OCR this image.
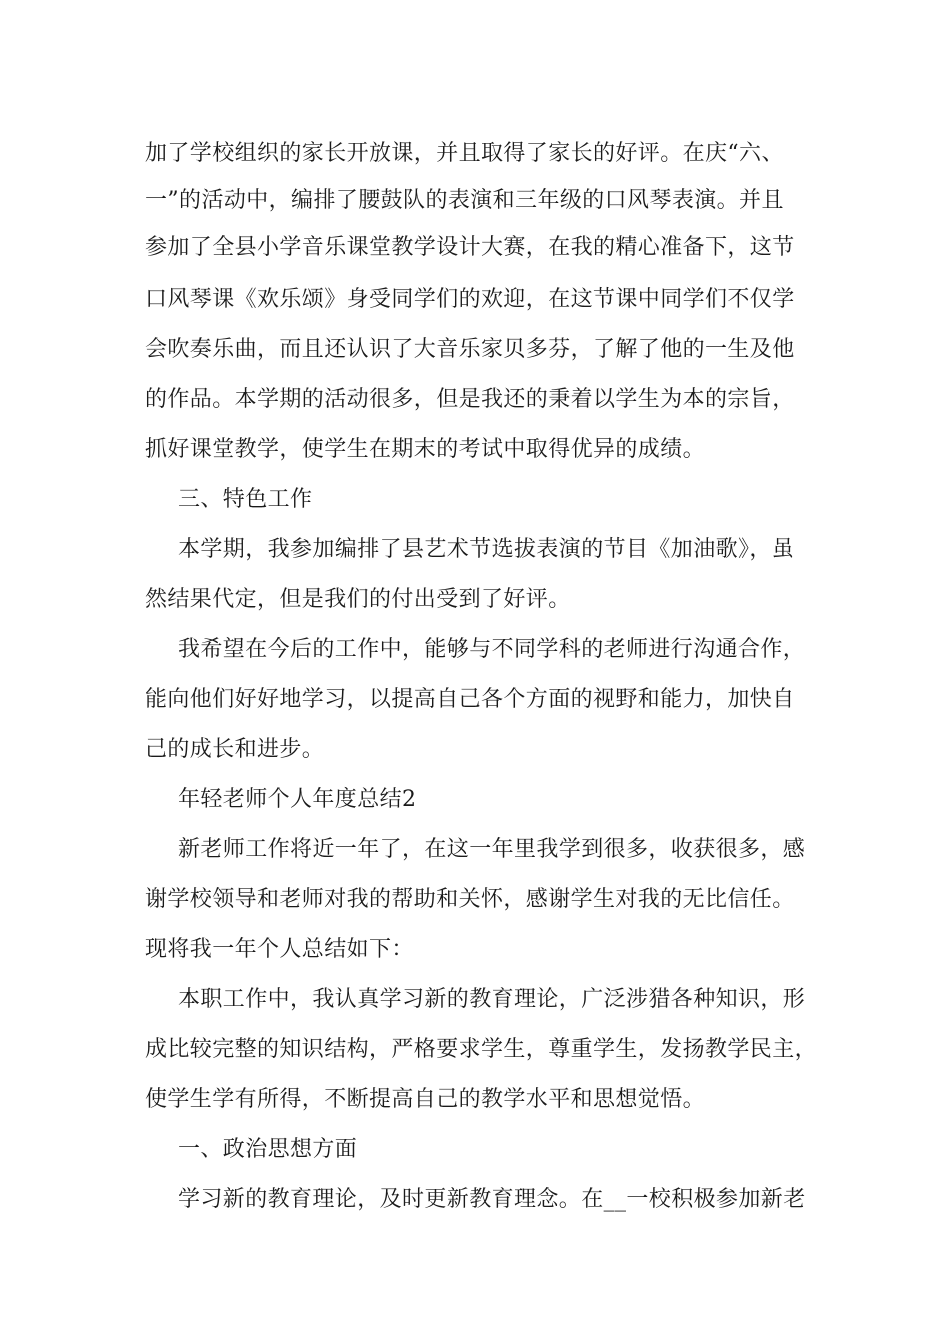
加了学校组织的家长开放课，并且取得了家长的好评。在庆“六、
一”的活动中，编排了腰鼓队的表演和三年级的口风琴表演。并且
参加了全县小学音乐课堂教学设计大赛，在我的精心准备下，这节
口风琴课《欢乐颂》身受同学们的欢迎，在这节课中同学们不仅学
会吹奏乐曲，而且还认识了大音乐家贝多芬，了解了他的一生及他
的作品。本学期的活动很多，但是我还的秉着以学生为本的宗旨，
抓好课堂教学，使学生在期末的考试中取得优异的成绩。
三、特色工作
本学期，我参加编排了县艺术节选拔表演的节目《加油歌》，虽
然结果代定，但是我们的付出受到了好评。
我希望在今后的工作中，能够与不同学科的老师进行沟通合作，
能向他们好好地学习，以提高自己各个方面的视野和能力，加快自
己的成长和进步。
年轻老师个人年度总结2
新老师工作将近一年了，在这一年里我学到很多，收获很多，感
谢学校领导和老师对我的帮助和关怀，感谢学生对我的无比信任。
现将我一年个人总结如下：
本职工作中，我认真学习新的教育理论，广泛涉猎各种知识，形
成比较完整的知识结构，严格要求学生，尊重学生，发扬教学民主，
使学生学有所得，不断提高自己的教学水平和思想觉悟。
一、政治思想方面
学习新的教育理论，及时更新教育理念。在__一校积极参加新老
